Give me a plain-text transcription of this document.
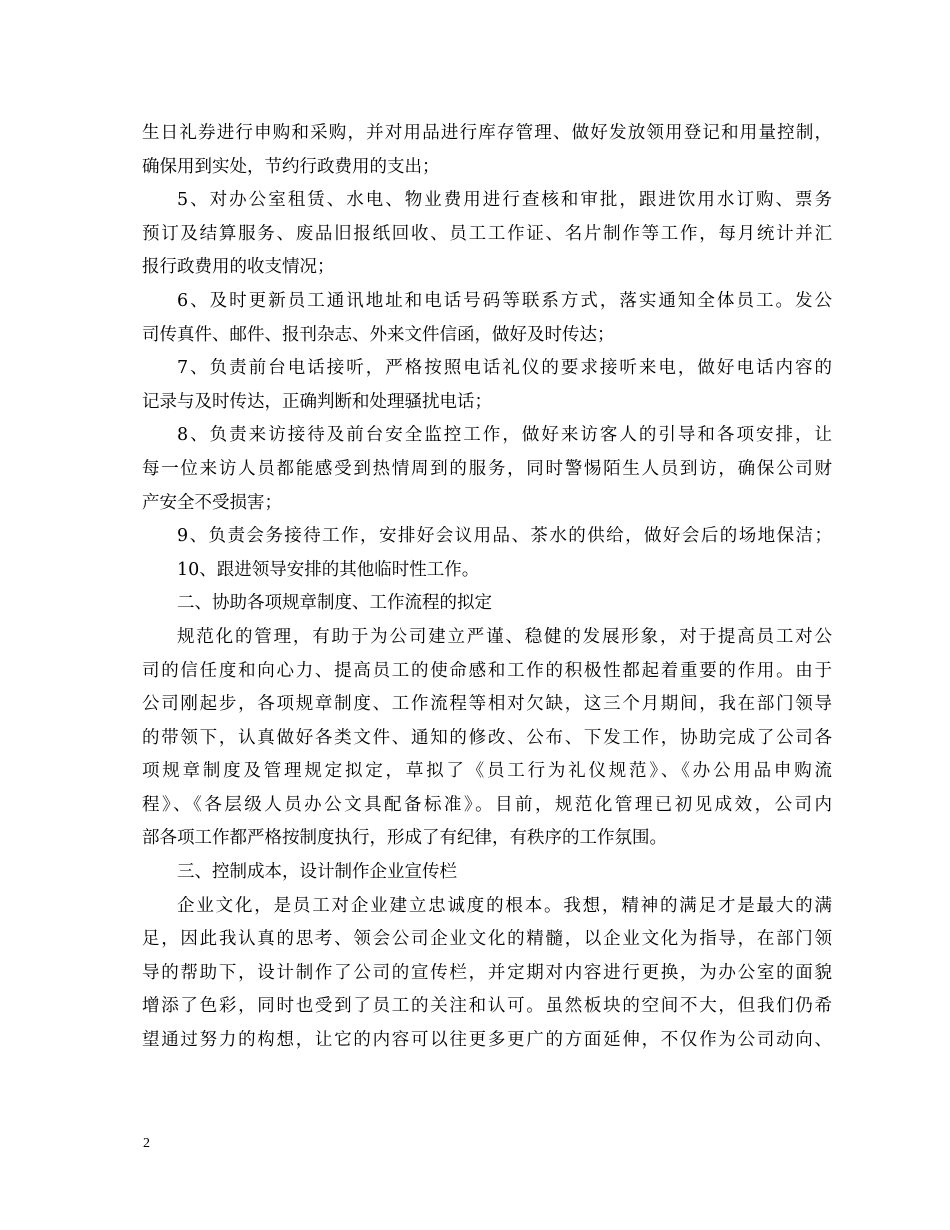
生日礼券进行申购和采购，并对用品进行库存管理、做好发放领用登记和用量控制，
确保用到实处，节约行政费用的支出；
5、对办公室租赁、水电、物业费用进行查核和审批，跟进饮用水订购、票务
预订及结算服务、废品旧报纸回收、员工工作证、名片制作等工作，每月统计并汇
报行政费用的收支情况；
6、及时更新员工通讯地址和电话号码等联系方式，落实通知全体员工。发公
司传真件、邮件、报刊杂志、外来文件信函，做好及时传达；
7、负责前台电话接听，严格按照电话礼仪的要求接听来电，做好电话内容的
记录与及时传达，正确判断和处理骚扰电话；
8、负责来访接待及前台安全监控工作，做好来访客人的引导和各项安排，让
每一位来访人员都能感受到热情周到的服务，同时警惕陌生人员到访，确保公司财
产安全不受损害；
9、负责会务接待工作，安排好会议用品、茶水的供给，做好会后的场地保洁；
10、跟进领导安排的其他临时性工作。
二、协助各项规章制度、工作流程的拟定
规范化的管理，有助于为公司建立严谨、稳健的发展形象，对于提高员工对公
司的信任度和向心力、提高员工的使命感和工作的积极性都起着重要的作用。由于
公司刚起步，各项规章制度、工作流程等相对欠缺，这三个月期间，我在部门领导
的带领下，认真做好各类文件、通知的修改、公布、下发工作，协助完成了公司各
项规章制度及管理规定拟定，草拟了《员工行为礼仪规范》、《办公用品申购流
程》、《各层级人员办公文具配备标准》。目前，规范化管理已初见成效，公司内
部各项工作都严格按制度执行，形成了有纪律，有秩序的工作氛围。
三、控制成本，设计制作企业宣传栏
企业文化，是员工对企业建立忠诚度的根本。我想，精神的满足才是最大的满
足，因此我认真的思考、领会公司企业文化的精髓，以企业文化为指导，在部门领
导的帮助下，设计制作了公司的宣传栏，并定期对内容进行更换，为办公室的面貌
增添了色彩，同时也受到了员工的关注和认可。虽然板块的空间不大，但我们仍希
望通过努力的构想，让它的内容可以往更多更广的方面延伸，不仅作为公司动向、
2
